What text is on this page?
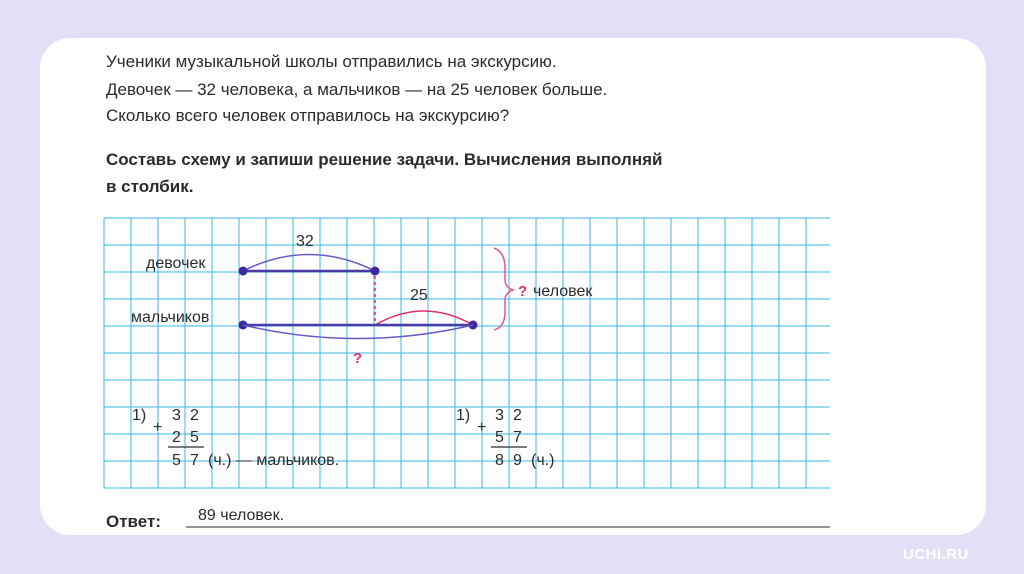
Ученики музыкальной школы отправились на экскурсию.
Девочек — 32 человека, а мальчиков — на 25 человек больше.
Сколько всего человек отправилось на экскурсию?
Составь схему и запиши решение задачи. Вычисления выполняй
в столбик.
девочек
мальчиков
32
25
?
? человек
1)
+
3 2
2 5
5 7 (ч.) — мальчиков.
1)
+
3 2
5 7
8 9 (ч.)
Ответ: 89 человек.
UCHi.RU
